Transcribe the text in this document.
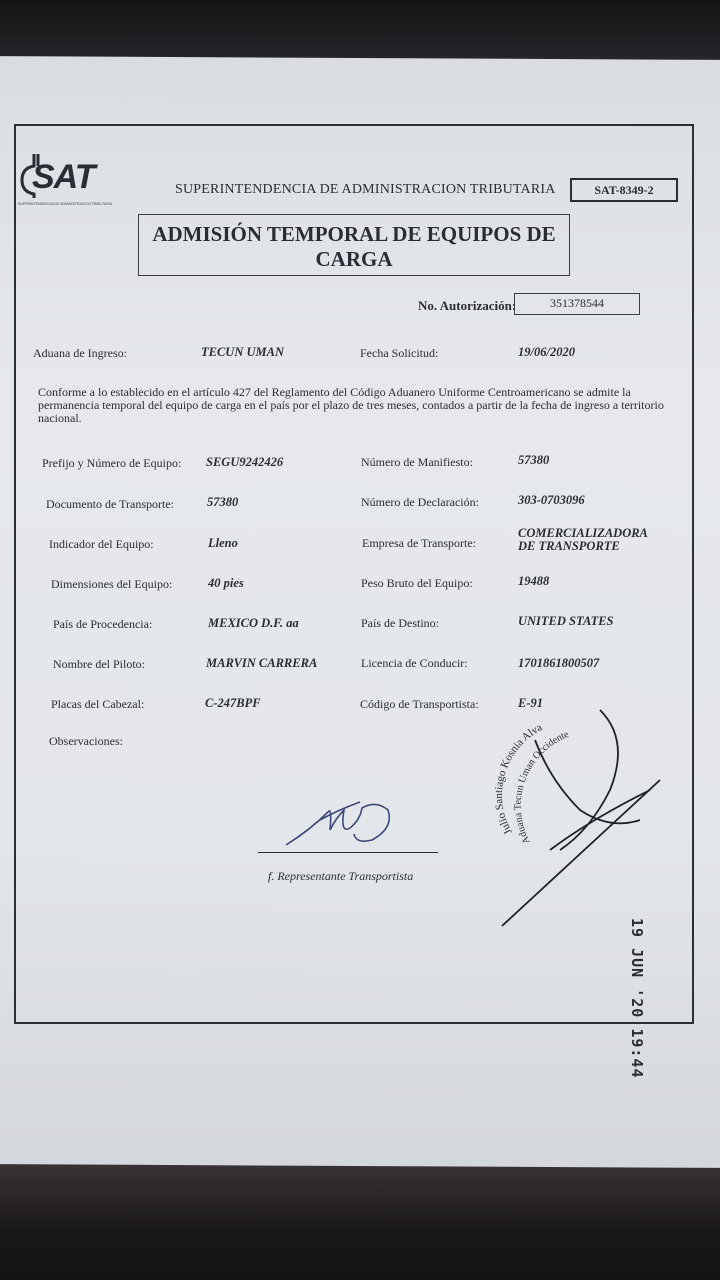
SAT
SUPERINTENDENCIA DE ADMINISTRACION TRIBUTARIA
SUPERINTENDENCIA DE ADMINISTRACION TRIBUTARIA	SAT-8349-2
ADMISIÓN TEMPORAL DE EQUIPOS DE
CARGA
No. Autorización:	351378544
Aduana de Ingreso:	TECUN UMAN	Fecha Solicitud:	19/06/2020
Conforme a lo establecido en el artículo 427 del Reglamento del Código Aduanero Uniforme Centroamericano se admite la permanencia temporal del equipo de carga en el país por el plazo de tres meses, contados a partir de la fecha de ingreso a territorio nacional.
Prefijo y Número de Equipo: SEGU9242426	Número de Manifiesto:	57380
Documento de Transporte:	57380	Número de Declaración:	303-0703096
Indicador del Equipo:	Lleno	Empresa de Transporte:
COMERCIALIZADORA
DE TRANSPORTE
Dimensiones del Equipo:	40 pies	Peso Bruto del Equipo:	19488
País de Procedencia:	MEXICO D.F. aa	País de Destino:	UNITED STATES
Nombre del Piloto:	MARVIN CARRERA	Licencia de Conducir:	1701861800507
Placas del Cabezal:	C-247BPF	Código de Transportista:	E-91
Observaciones:
f. Representante Transportista
Julio Santiago Kosnia Alva
Aduana Tecun Uman Occidente
19 JUN '20 19:44
